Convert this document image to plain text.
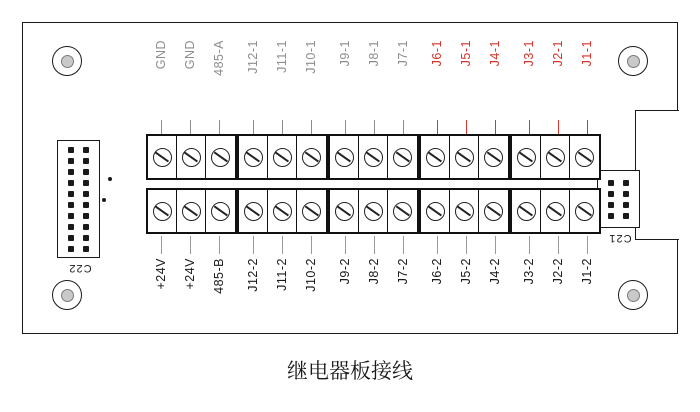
C22
C21
GND GND 485-A J12-1 J11-1 J10-1 J9-1 J8-1 J7-1 J6-1 J5-1 J4-1 J3-1 J2-1 J1-1
+24V +24V 485-B J12-2 J11-2 J10-2 J9-2 J8-2 J7-2 J6-2 J5-2 J4-2 J3-2 J2-2 J1-2
继电器板接线
